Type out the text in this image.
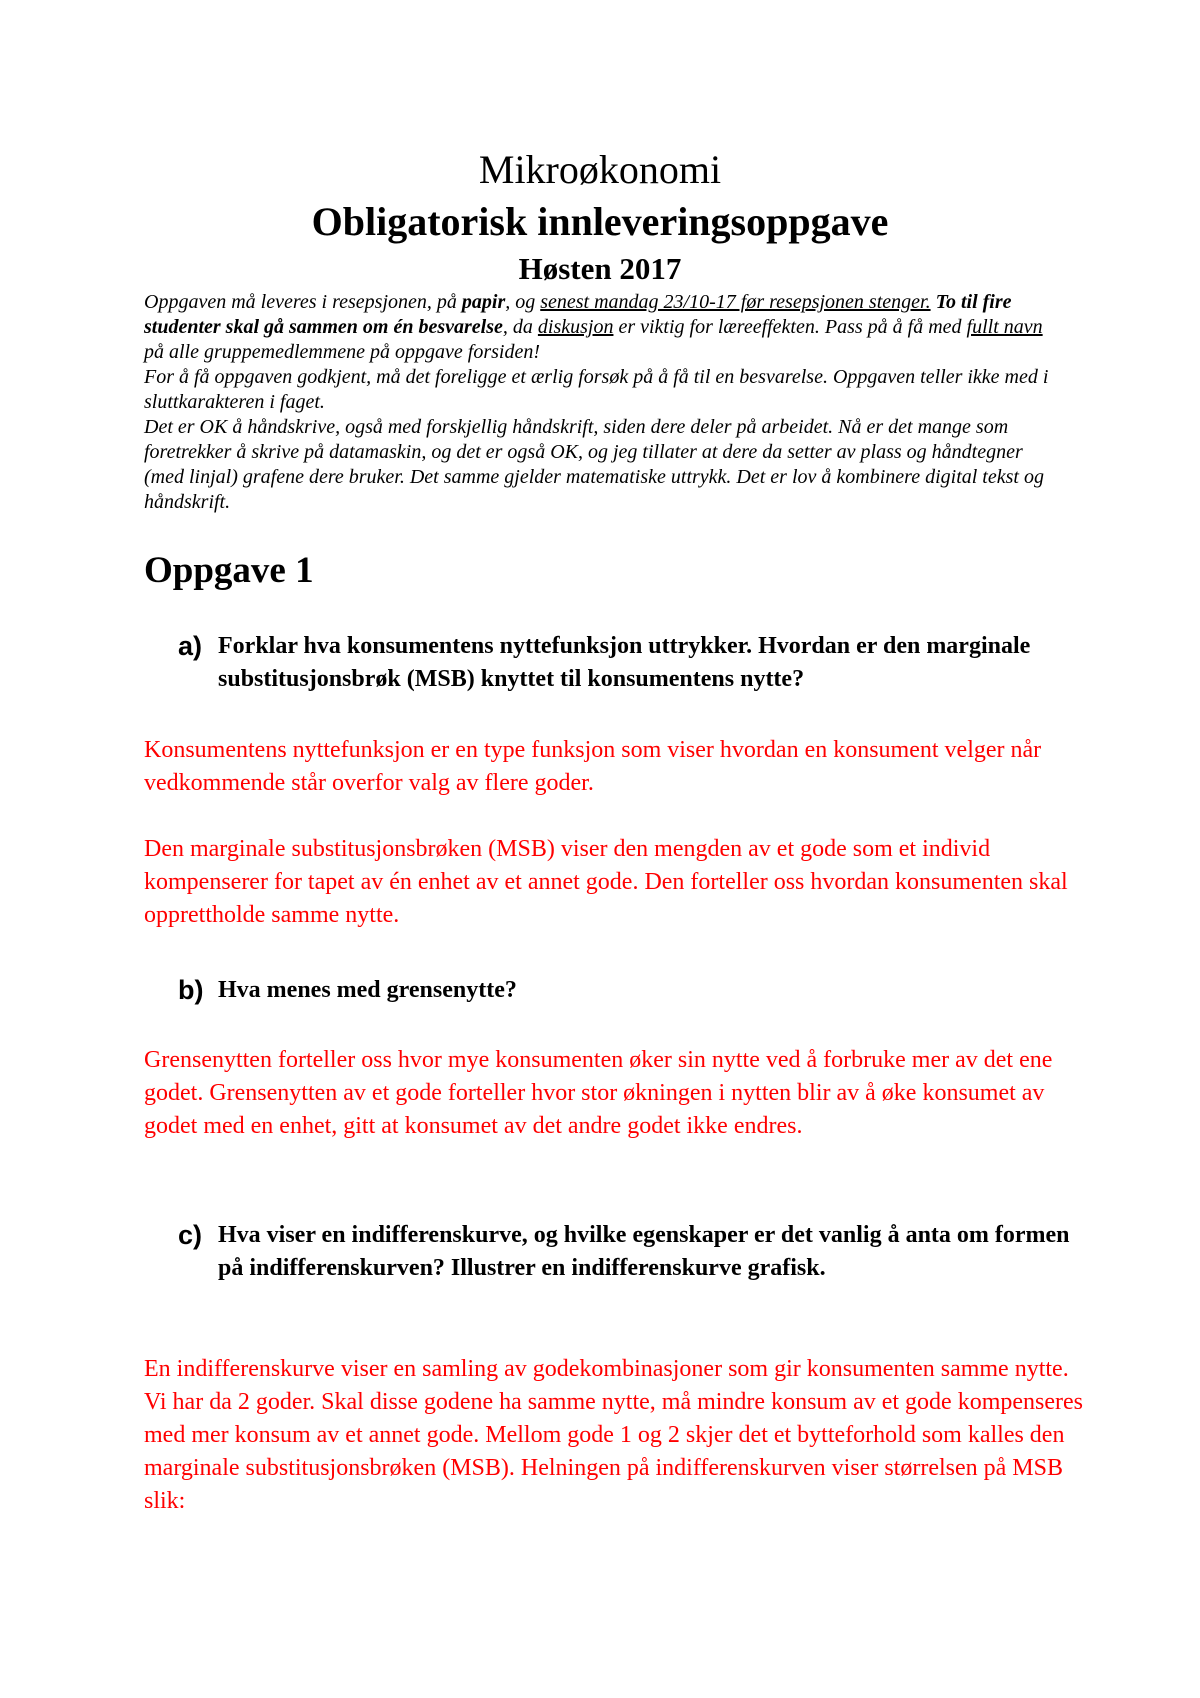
Mikroøkonomi

Obligatorisk innleveringsoppgave

Høsten 2017

Oppgaven må leveres i resepsjonen, på papir, og senest mandag 23/10-17 før resepsjonen stenger. To til fire studenter skal gå sammen om én besvarelse, da diskusjon er viktig for læreeffekten. Pass på å få med fullt navn på alle gruppemedlemmene på oppgave forsiden!

For å få oppgaven godkjent, må det foreligge et ærlig forsøk på å få til en besvarelse. Oppgaven teller ikke med i sluttkarakteren i faget.

Det er OK å håndskrive, også med forskjellig håndskrift, siden dere deler på arbeidet. Nå er det mange som foretrekker å skrive på datamaskin, og det er også OK, og jeg tillater at dere da setter av plass og håndtegner (med linjal) grafene dere bruker. Det samme gjelder matematiske uttrykk. Det er lov å kombinere digital tekst og håndskrift.

Oppgave 1
a) Forklar hva konsumentens nyttefunksjon uttrykker. Hvordan er den marginale substitusjonsbrøk (MSB) knyttet til konsumentens nytte?

Konsumentens nyttefunksjon er en type funksjon som viser hvordan en konsument velger når vedkommende står overfor valg av flere goder.

Den marginale substitusjonsbrøken (MSB) viser den mengden av et gode som et individ kompenserer for tapet av én enhet av et annet gode. Den forteller oss hvordan konsumenten skal opprettholde samme nytte.

b) Hva menes med grensenytte?

Grensenytten forteller oss hvor mye konsumenten øker sin nytte ved å forbruke mer av det ene godet. Grensenytten av et gode forteller hvor stor økningen i nytten blir av å øke konsumet av godet med en enhet, gitt at konsumet av det andre godet ikke endres.

c) Hva viser en indifferenskurve, og hvilke egenskaper er det vanlig å anta om formen på indifferenskurven? Illustrer en indifferenskurve grafisk.

En indifferenskurve viser en samling av godekombinasjoner som gir konsumenten samme nytte. Vi har da 2 goder. Skal disse godene ha samme nytte, må mindre konsum av et gode kompenseres med mer konsum av et annet gode. Mellom gode 1 og 2 skjer det et bytteforhold som kalles den marginale substitusjonsbrøken (MSB). Helningen på indifferenskurven viser størrelsen på MSB slik:
